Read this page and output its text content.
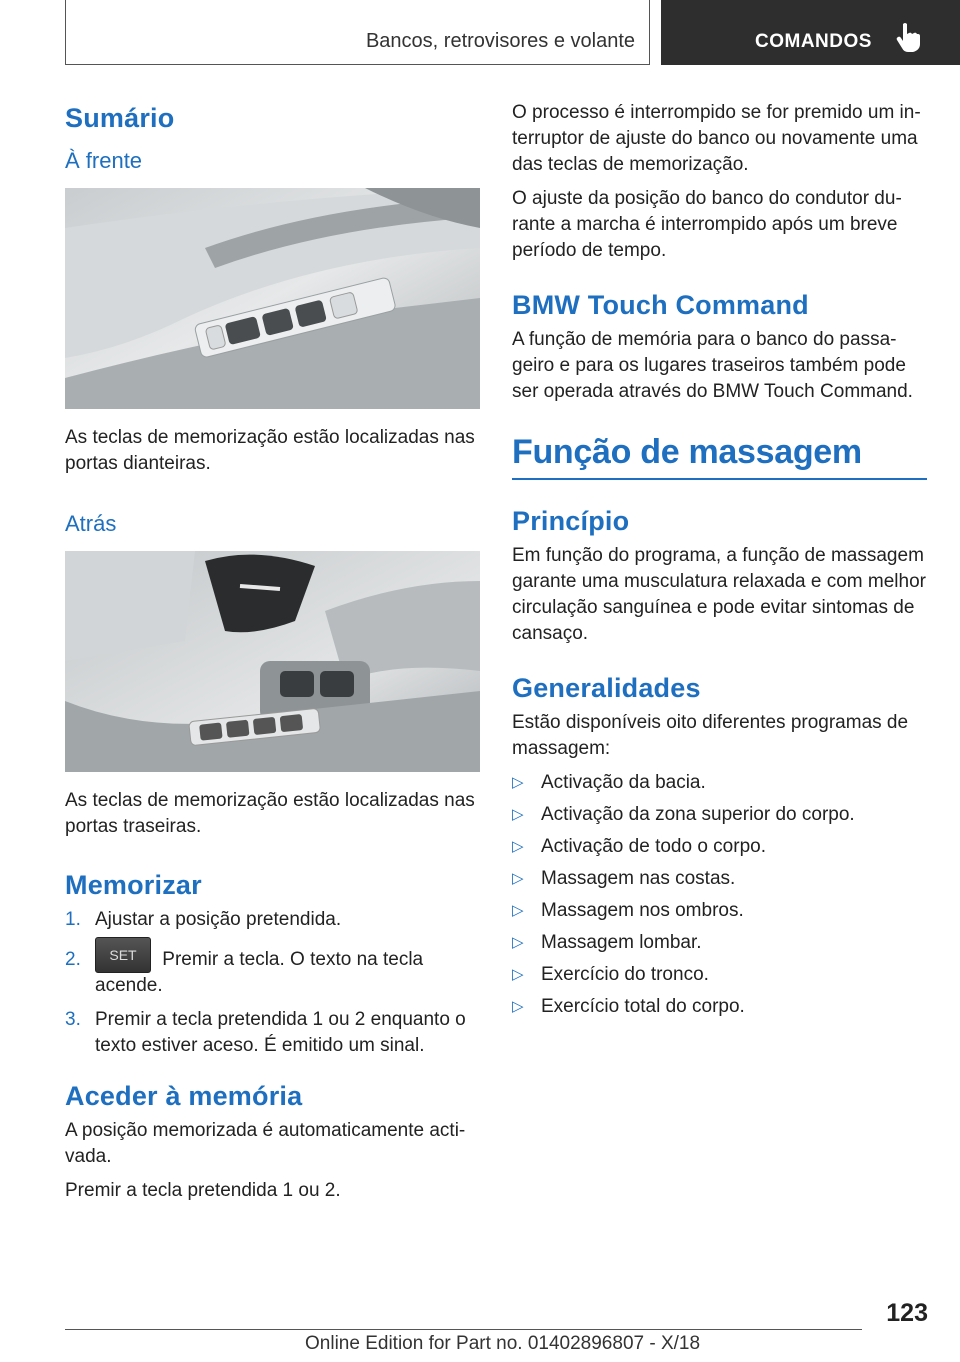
Bancos, retrovisores e volante	COMANDOS
Sumário
À frente

As teclas de memorização estão localizadas nas portas dianteiras.

Atrás

As teclas de memorização estão localizadas nas portas traseiras.

Memorizar
1. Ajustar a posição pretendida.
2. SET Premir a tecla. O texto na tecla acende.
3. Premir a tecla pretendida 1 ou 2 enquanto o texto estiver aceso. É emitido um sinal.
Aceder à memória

A posição memorizada é automaticamente acti‐vada.

Premir a tecla pretendida 1 ou 2.

O processo é interrompido se for premido um in‐terruptor de ajuste do banco ou novamente uma das teclas de memorização.

O ajuste da posição do banco do condutor du‐rante a marcha é interrompido após um breve período de tempo.

BMW Touch Command

A função de memória para o banco do passa‐geiro e para os lugares traseiros também pode ser operada através do BMW Touch Command.

Função de massagem
Princípio

Em função do programa, a função de massagem garante uma musculatura relaxada e com melhor circulação sanguínea e pode evitar sintomas de cansaço.

Generalidades

Estão disponíveis oito diferentes programas de massagem:

▷ Activação da bacia.
▷ Activação da zona superior do corpo.
▷ Activação de todo o corpo.
▷ Massagem nas costas.
▷ Massagem nos ombros.
▷ Massagem lombar.
▷ Exercício do tronco.
▷ Exercício total do corpo.
123
Online Edition for Part no. 01402896807 - X/18
